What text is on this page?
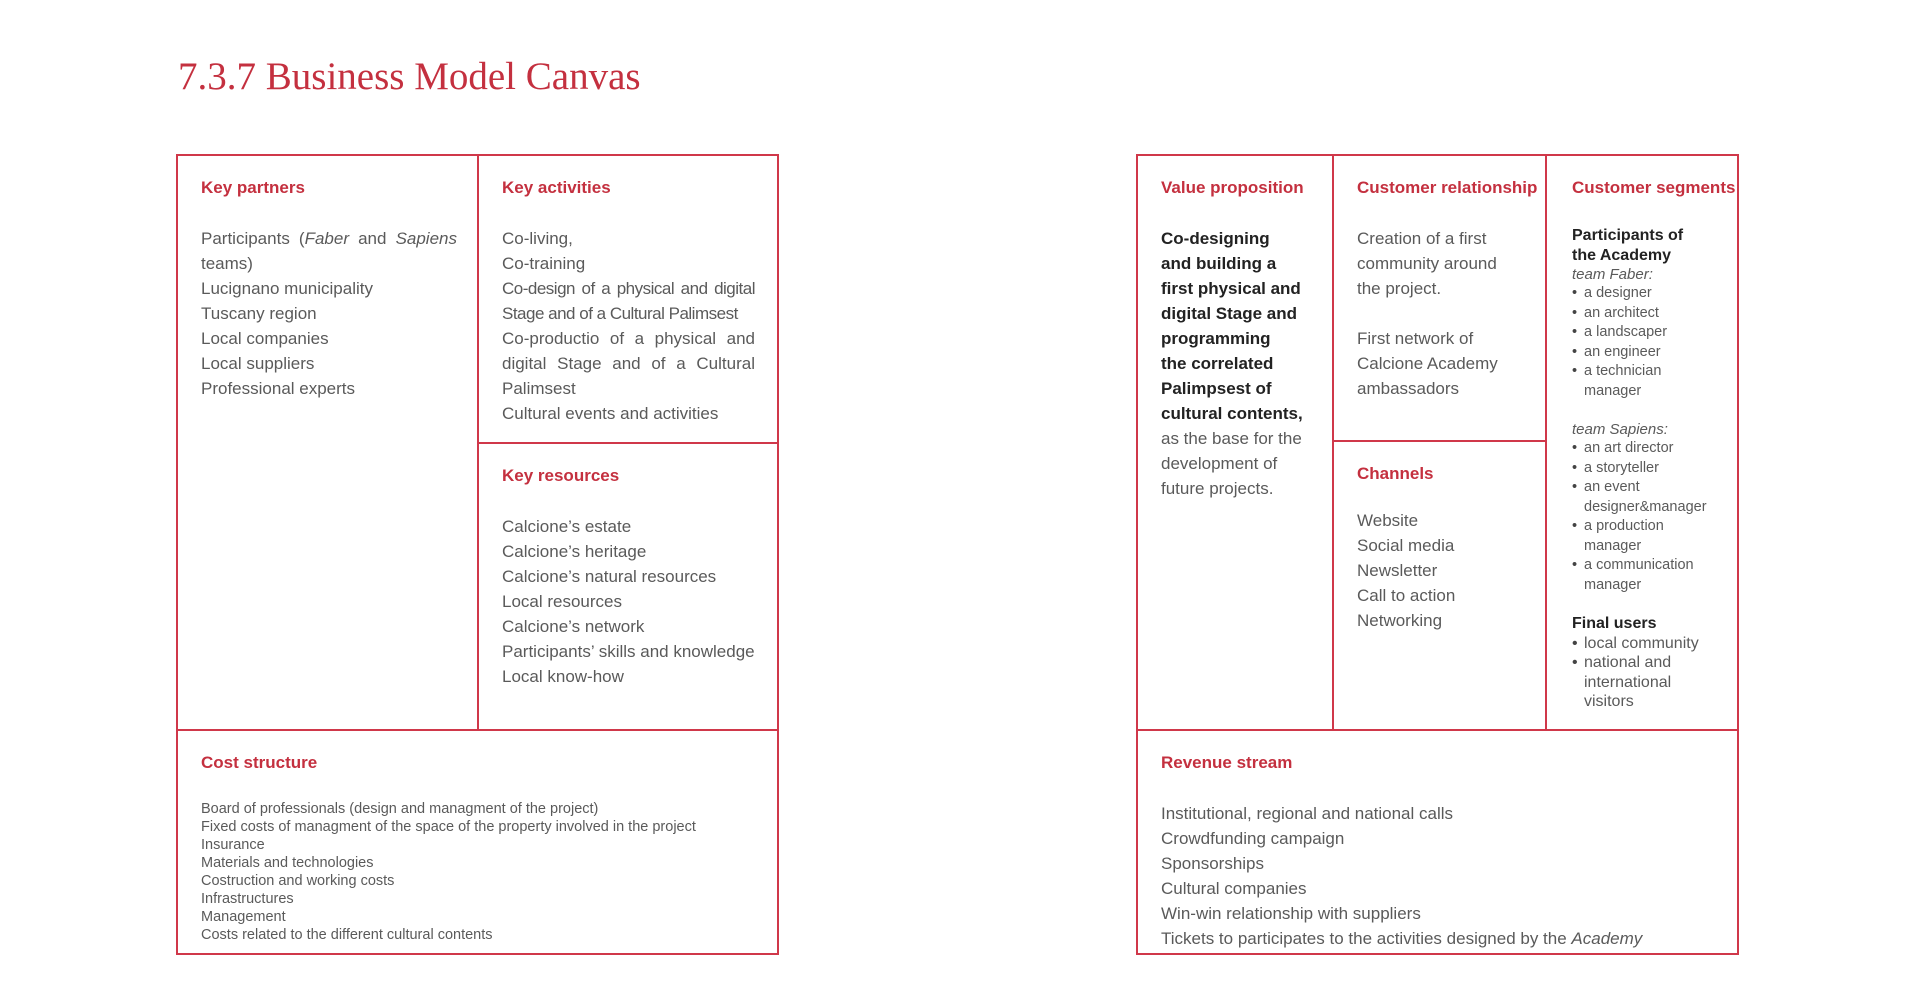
7.3.7 Business Model Canvas
Key partners
Participants (Faber and Sapiens teams)
Lucignano municipality
Tuscany region
Local companies
Local suppliers
Professional experts
Key activities
Co-living,
Co-training
Co-design of a physical and digital Stage and of a Cultural Palimsest
Co-productio of a physical and digital Stage and of a Cultural Palimsest
Cultural events and activities
Key resources
Calcione’s estate
Calcione’s heritage
Calcione’s natural resources
Local resources
Calcione’s network
Participants’ skills and knowledge
Local know-how
Cost structure
Board of professionals (design and managment of the project)
Fixed costs of managment of the space of the property involved in the project
Insurance
Materials and technologies
Costruction and working costs
Infrastructures
Management
Costs related to the different cultural contents
Value proposition
Co-designing
and building a
first physical and
digital Stage and
programming
the correlated
Palimpsest of
cultural contents,
as the base for the
development of
future projects.
Customer relationship
Creation of a first
community around
the project.
First network of
Calcione Academy
ambassadors
Channels
Website
Social media
Newsletter
Call to action
Networking
Customer segments
Participants of the Academy
team Faber:
• a designer
• an architect
• a landscaper
• an engineer
• a technician manager
team Sapiens:
• an art director
• a storyteller
• an event designer&manager
• a production manager
• a communication manager
Final users
• local community
• national and international visitors
Revenue stream
Institutional, regional and national calls
Crowdfunding campaign
Sponsorships
Cultural companies
Win-win relationship with suppliers
Tickets to participates to the activities designed by the Academy
